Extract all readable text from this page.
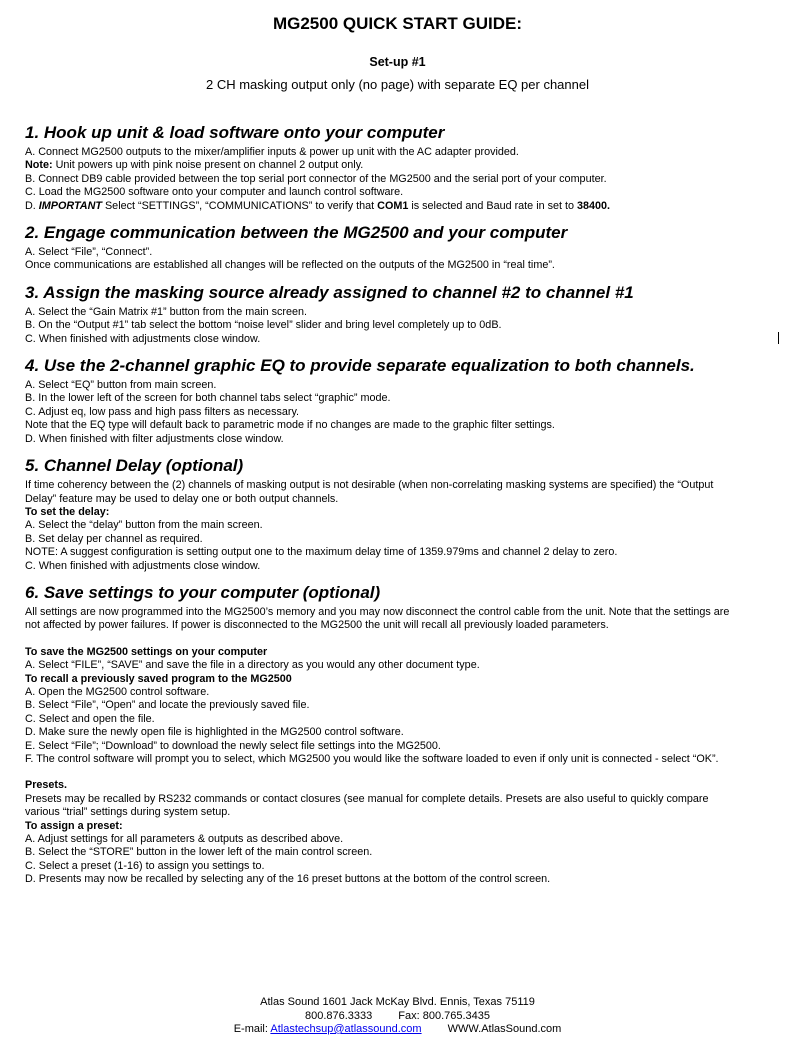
MG2500 QUICK START GUIDE:
Set-up #1
2 CH masking output only (no page) with separate EQ per channel
1. Hook up unit & load software onto your computer

A. Connect MG2500 outputs to the mixer/amplifier inputs & power up unit with the AC adapter provided.

Note: Unit powers up with pink noise present on channel 2 output only.

B. Connect DB9 cable provided between the top serial port connector of the MG2500 and the serial port of your computer.

C. Load the MG2500 software onto your computer and launch control software.

D. IMPORTANT Select “SETTINGS”, “COMMUNICATIONS” to verify that COM1 is selected and Baud rate in set to 38400.

2. Engage communication between the MG2500 and your computer

A. Select “File”, “Connect”.

Once communications are established all changes will be reflected on the outputs of the MG2500 in “real time”.

3. Assign the masking source already assigned to channel #2 to channel #1

A. Select the “Gain Matrix #1” button from the main screen.

B. On the “Output #1” tab select the bottom “noise level” slider and bring level completely up to 0dB.

C. When finished with adjustments close window.

4. Use the 2-channel graphic EQ to provide separate equalization to both channels.

A. Select “EQ” button from main screen.

B. In the lower left of the screen for both channel tabs select “graphic” mode.

C. Adjust eq, low pass and high pass filters as necessary.

Note that the EQ type will default back to parametric mode if no changes are made to the graphic filter settings.

D. When finished with filter adjustments close window.

5. Channel Delay (optional)

If time coherency between the (2) channels of masking output is not desirable (when non-correlating masking systems are specified) the “Output Delay” feature may be used to delay one or both output channels.

To set the delay:

A. Select the “delay” button from the main screen.

B. Set delay per channel as required.

NOTE: A suggest configuration is setting output one to the maximum delay time of 1359.979ms and channel 2 delay to zero.

C. When finished with adjustments close window.

6. Save settings to your computer (optional)

All settings are now programmed into the MG2500’s memory and you may now disconnect the control cable from the unit. Note that the settings are not affected by power failures. If power is disconnected to the MG2500 the unit will recall all previously loaded parameters.

To save the MG2500 settings on your computer

A. Select “FILE”, “SAVE” and save the file in a directory as you would any other document type.

To recall a previously saved program to the MG2500

A. Open the MG2500 control software.

B. Select “File”, “Open” and locate the previously saved file.

C. Select and open the file.

D. Make sure the newly open file is highlighted in the MG2500 control software.

E. Select “File”; “Download” to download the newly select file settings into the MG2500.

F. The control software will prompt you to select, which MG2500 you would like the software loaded to even if only unit is connected - select “OK”.

Presets.

Presets may be recalled by RS232 commands or contact closures (see manual for complete details. Presets are also useful to quickly compare various “trial” settings during system setup.

To assign a preset:

A. Adjust settings for all parameters & outputs as described above.

B. Select the “STORE” button in the lower left of the main control screen.

C. Select a preset (1-16) to assign you settings to.

D. Presents may now be recalled by selecting any of the 16 preset buttons at the bottom of the control screen.

Atlas Sound 1601 Jack McKay Blvd. Ennis, Texas 75119
800.876.3333 Fax: 800.765.3435
E-mail: Atlastechsup@atlassound.com WWW.AtlasSound.com
